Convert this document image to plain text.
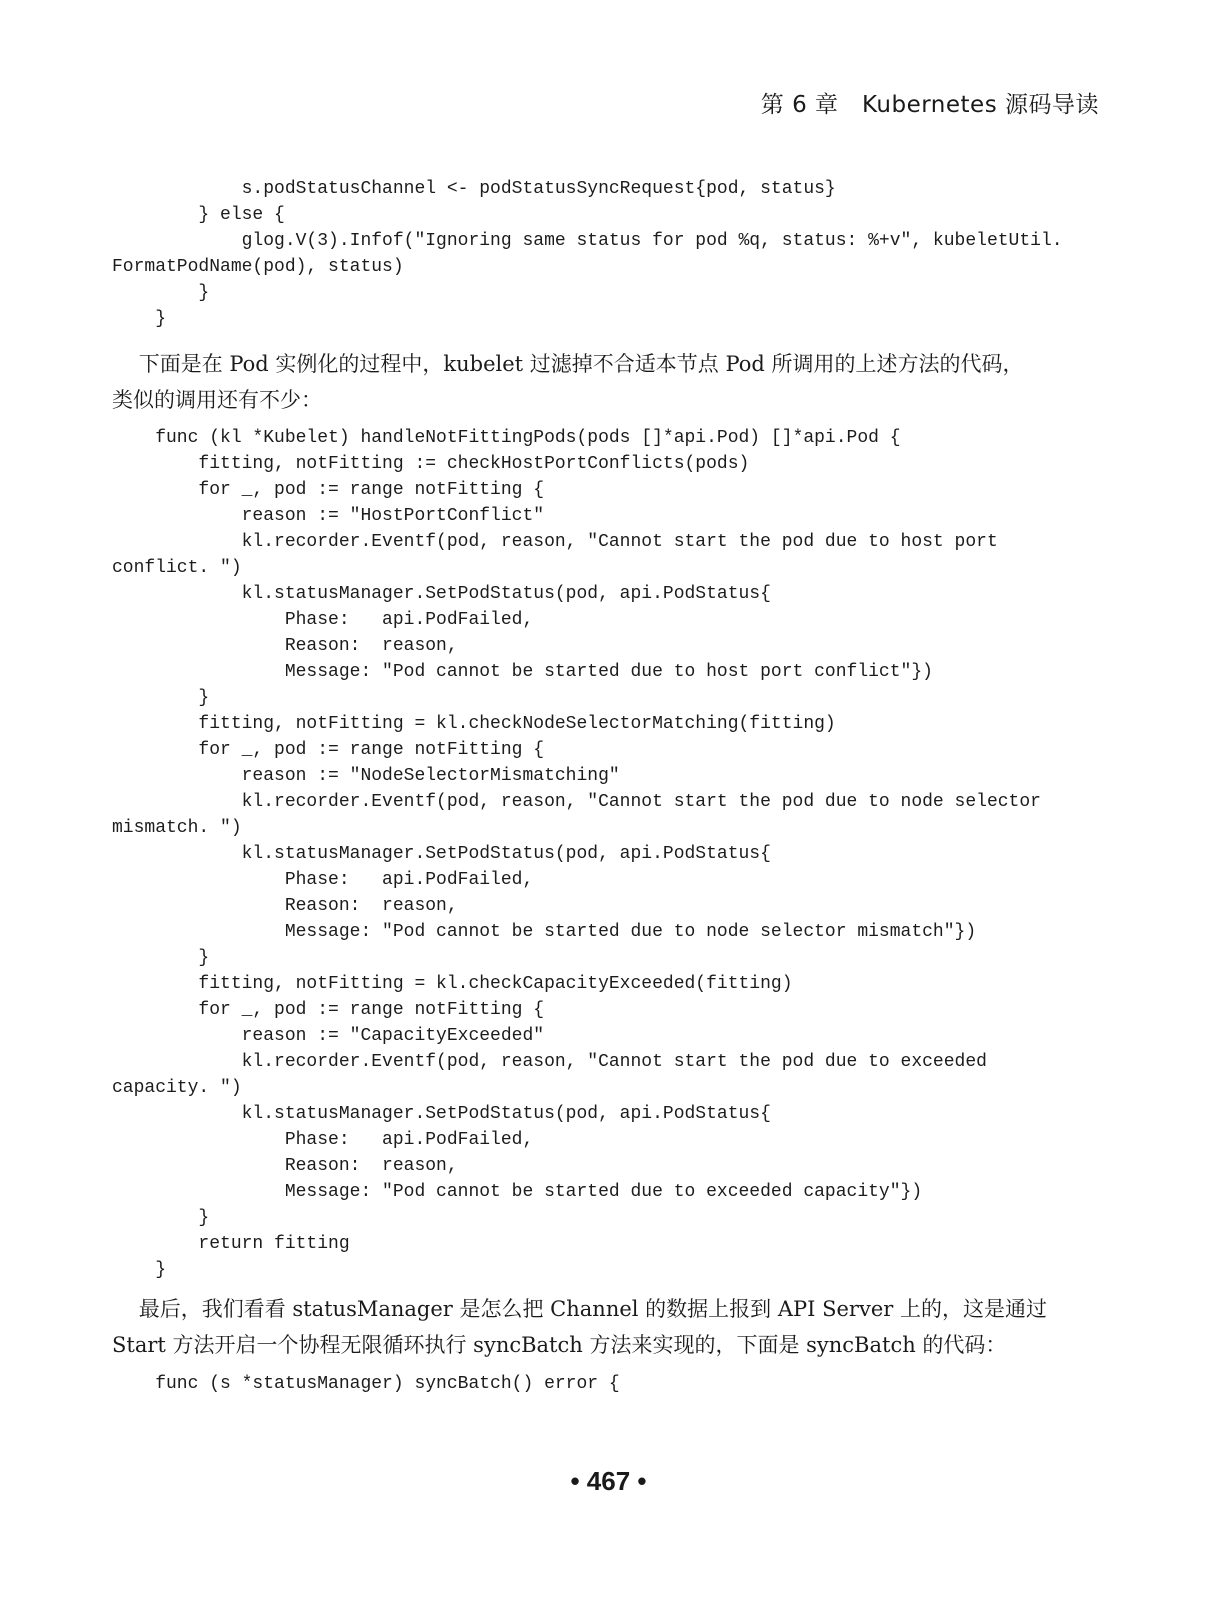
第 6 章   Kubernetes 源码导读
s.podStatusChannel <- podStatusSyncRequest{pod, status}
} else {
glog.V(3).Infof("Ignoring same status for pod %q, status: %+v", kubeletUtil.
FormatPodName(pod), status)
}
}
下面是在 Pod 实例化的过程中，kubelet 过滤掉不合适本节点 Pod 所调用的上述方法的代码，
类似的调用还有不少：
func (kl *Kubelet) handleNotFittingPods(pods []*api.Pod) []*api.Pod {
fitting, notFitting := checkHostPortConflicts(pods)
for _, pod := range notFitting {
reason := "HostPortConflict"
kl.recorder.Eventf(pod, reason, "Cannot start the pod due to host port
conflict. ")
kl.statusManager.SetPodStatus(pod, api.PodStatus{
Phase:   api.PodFailed,
Reason:  reason,
Message: "Pod cannot be started due to host port conflict"})
}
fitting, notFitting = kl.checkNodeSelectorMatching(fitting)
for _, pod := range notFitting {
reason := "NodeSelectorMismatching"
kl.recorder.Eventf(pod, reason, "Cannot start the pod due to node selector
mismatch. ")
kl.statusManager.SetPodStatus(pod, api.PodStatus{
Phase:   api.PodFailed,
Reason:  reason,
Message: "Pod cannot be started due to node selector mismatch"})
}
fitting, notFitting = kl.checkCapacityExceeded(fitting)
for _, pod := range notFitting {
reason := "CapacityExceeded"
kl.recorder.Eventf(pod, reason, "Cannot start the pod due to exceeded
capacity. ")
kl.statusManager.SetPodStatus(pod, api.PodStatus{
Phase:   api.PodFailed,
Reason:  reason,
Message: "Pod cannot be started due to exceeded capacity"})
}
return fitting
}
最后，我们看看 statusManager 是怎么把 Channel 的数据上报到 API Server 上的，这是通过
Start 方法开启一个协程无限循环执行 syncBatch 方法来实现的，下面是 syncBatch 的代码：
func (s *statusManager) syncBatch() error {
• 467 •
